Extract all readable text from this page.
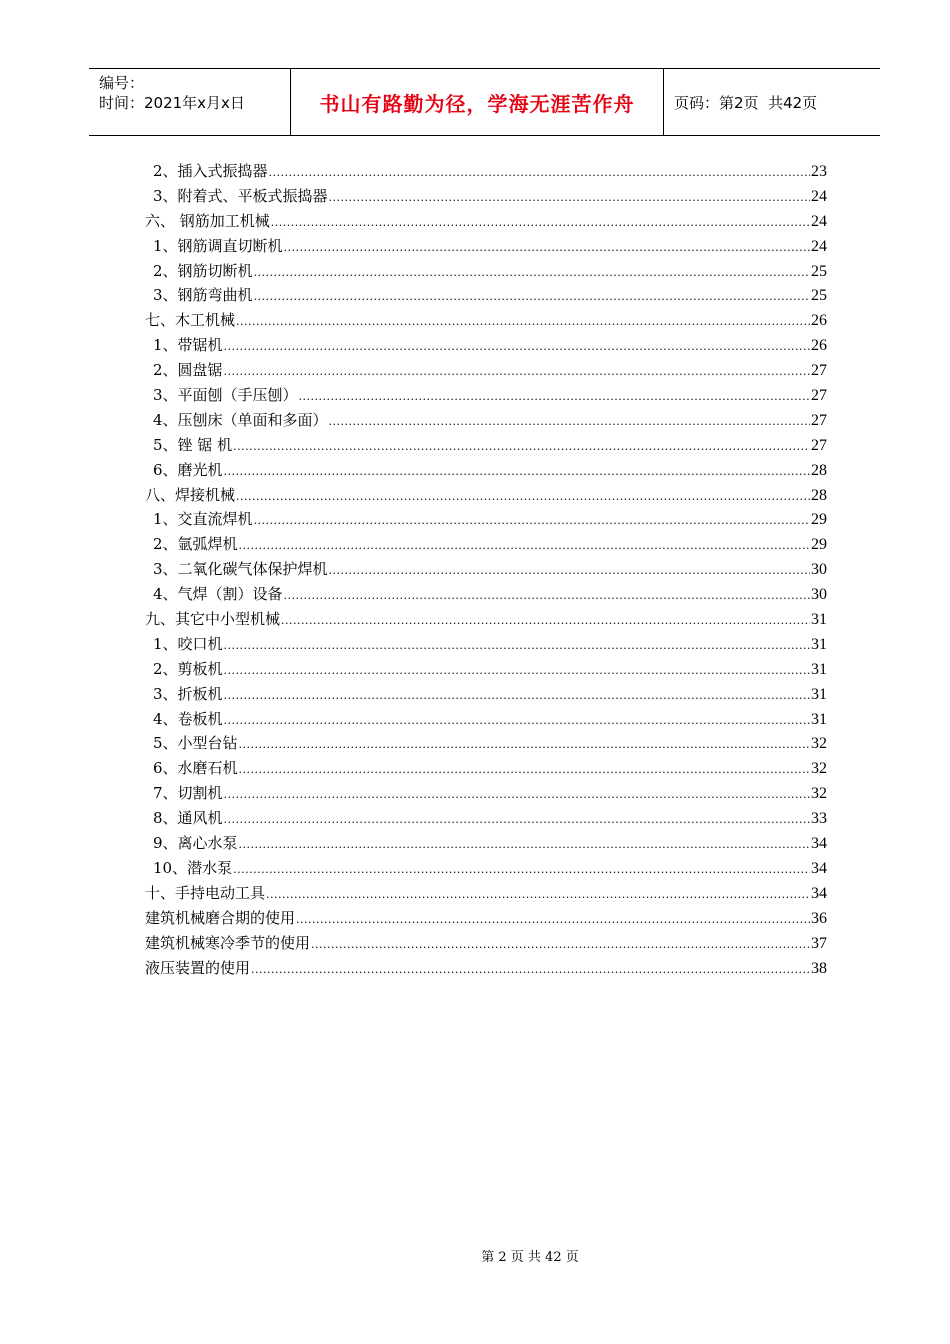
编号：
时间：2021年x月x日	书山有路勤为径，学海无涯苦作舟	页码：第2页  共42页
2、插入式振捣器 .....	23
3、附着式、平板式振捣器 .....	24
六、 钢筋加工机械 .....	24
1、钢筋调直切断机 .....	24
2、钢筋切断机 .....	25
3、钢筋弯曲机 .....	25
七、木工机械 .....	26
1、带锯机 .....	26
2、圆盘锯 .....	27
3、平面刨（手压刨） .....	27
4、压刨床（单面和多面） .....	27
5、锉 锯 机 .....	27
6、磨光机 .....	28
八、焊接机械 .....	28
1、交直流焊机 .....	29
2、氩弧焊机 .....	29
3、二氧化碳气体保护焊机 .....	30
4、气焊（割）设备 .....	30
九、其它中小型机械 .....	31
1、咬口机 .....	31
2、剪板机 .....	31
3、折板机 .....	31
4、卷板机 .....	31
5、小型台钻 .....	32
6、水磨石机 .....	32
7、切割机 .....	32
8、通风机 .....	33
9、离心水泵 .....	34
10、潜水泵 .....	34
十、手持电动工具 .....	34
建筑机械磨合期的使用 .....	36
建筑机械寒冷季节的使用 .....	37
液压装置的使用 .....	38
第 2 页 共 42 页
